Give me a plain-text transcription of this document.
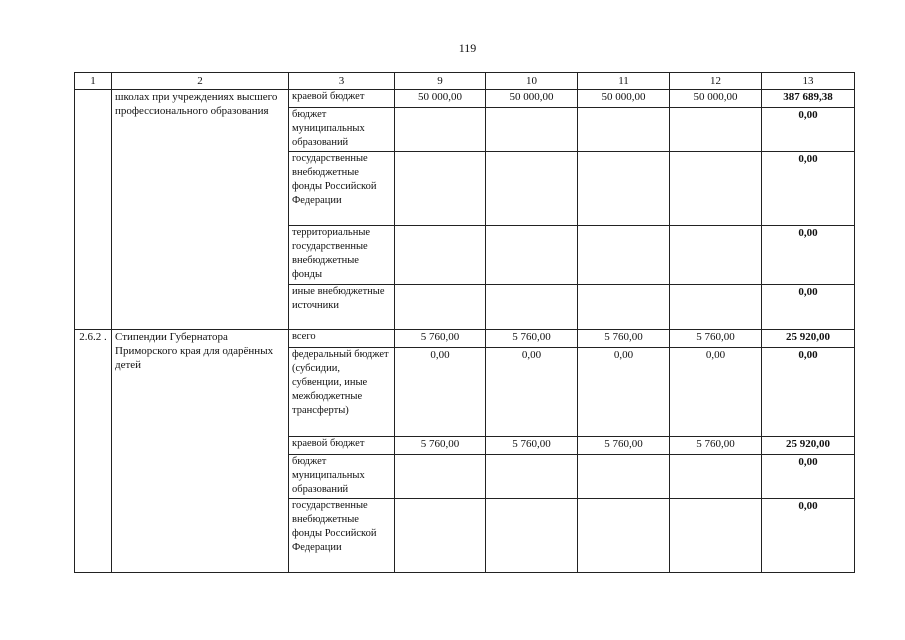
119
1	2	3	9	10	11	12	13
	школах при учреждениях высшего профессионального образования	краевой бюджет	50 000,00	50 000,00	50 000,00	50 000,00	387 689,38
		бюджет муниципальных образований					0,00
		государственные внебюджетные фонды Российской Федерации					0,00
		территориальные государственные внебюджетные фонды					0,00
		иные внебюджетные источники					0,00
2.6.2 .	Стипендии Губернатора Приморского края для одарённых детей	всего	5 760,00	5 760,00	5 760,00	5 760,00	25 920,00
		федеральный бюджет (субсидии, субвенции, иные межбюджетные трансферты)	0,00	0,00	0,00	0,00	0,00
		краевой бюджет	5 760,00	5 760,00	5 760,00	5 760,00	25 920,00
		бюджет муниципальных образований					0,00
		государственные внебюджетные фонды Российской Федерации					0,00
